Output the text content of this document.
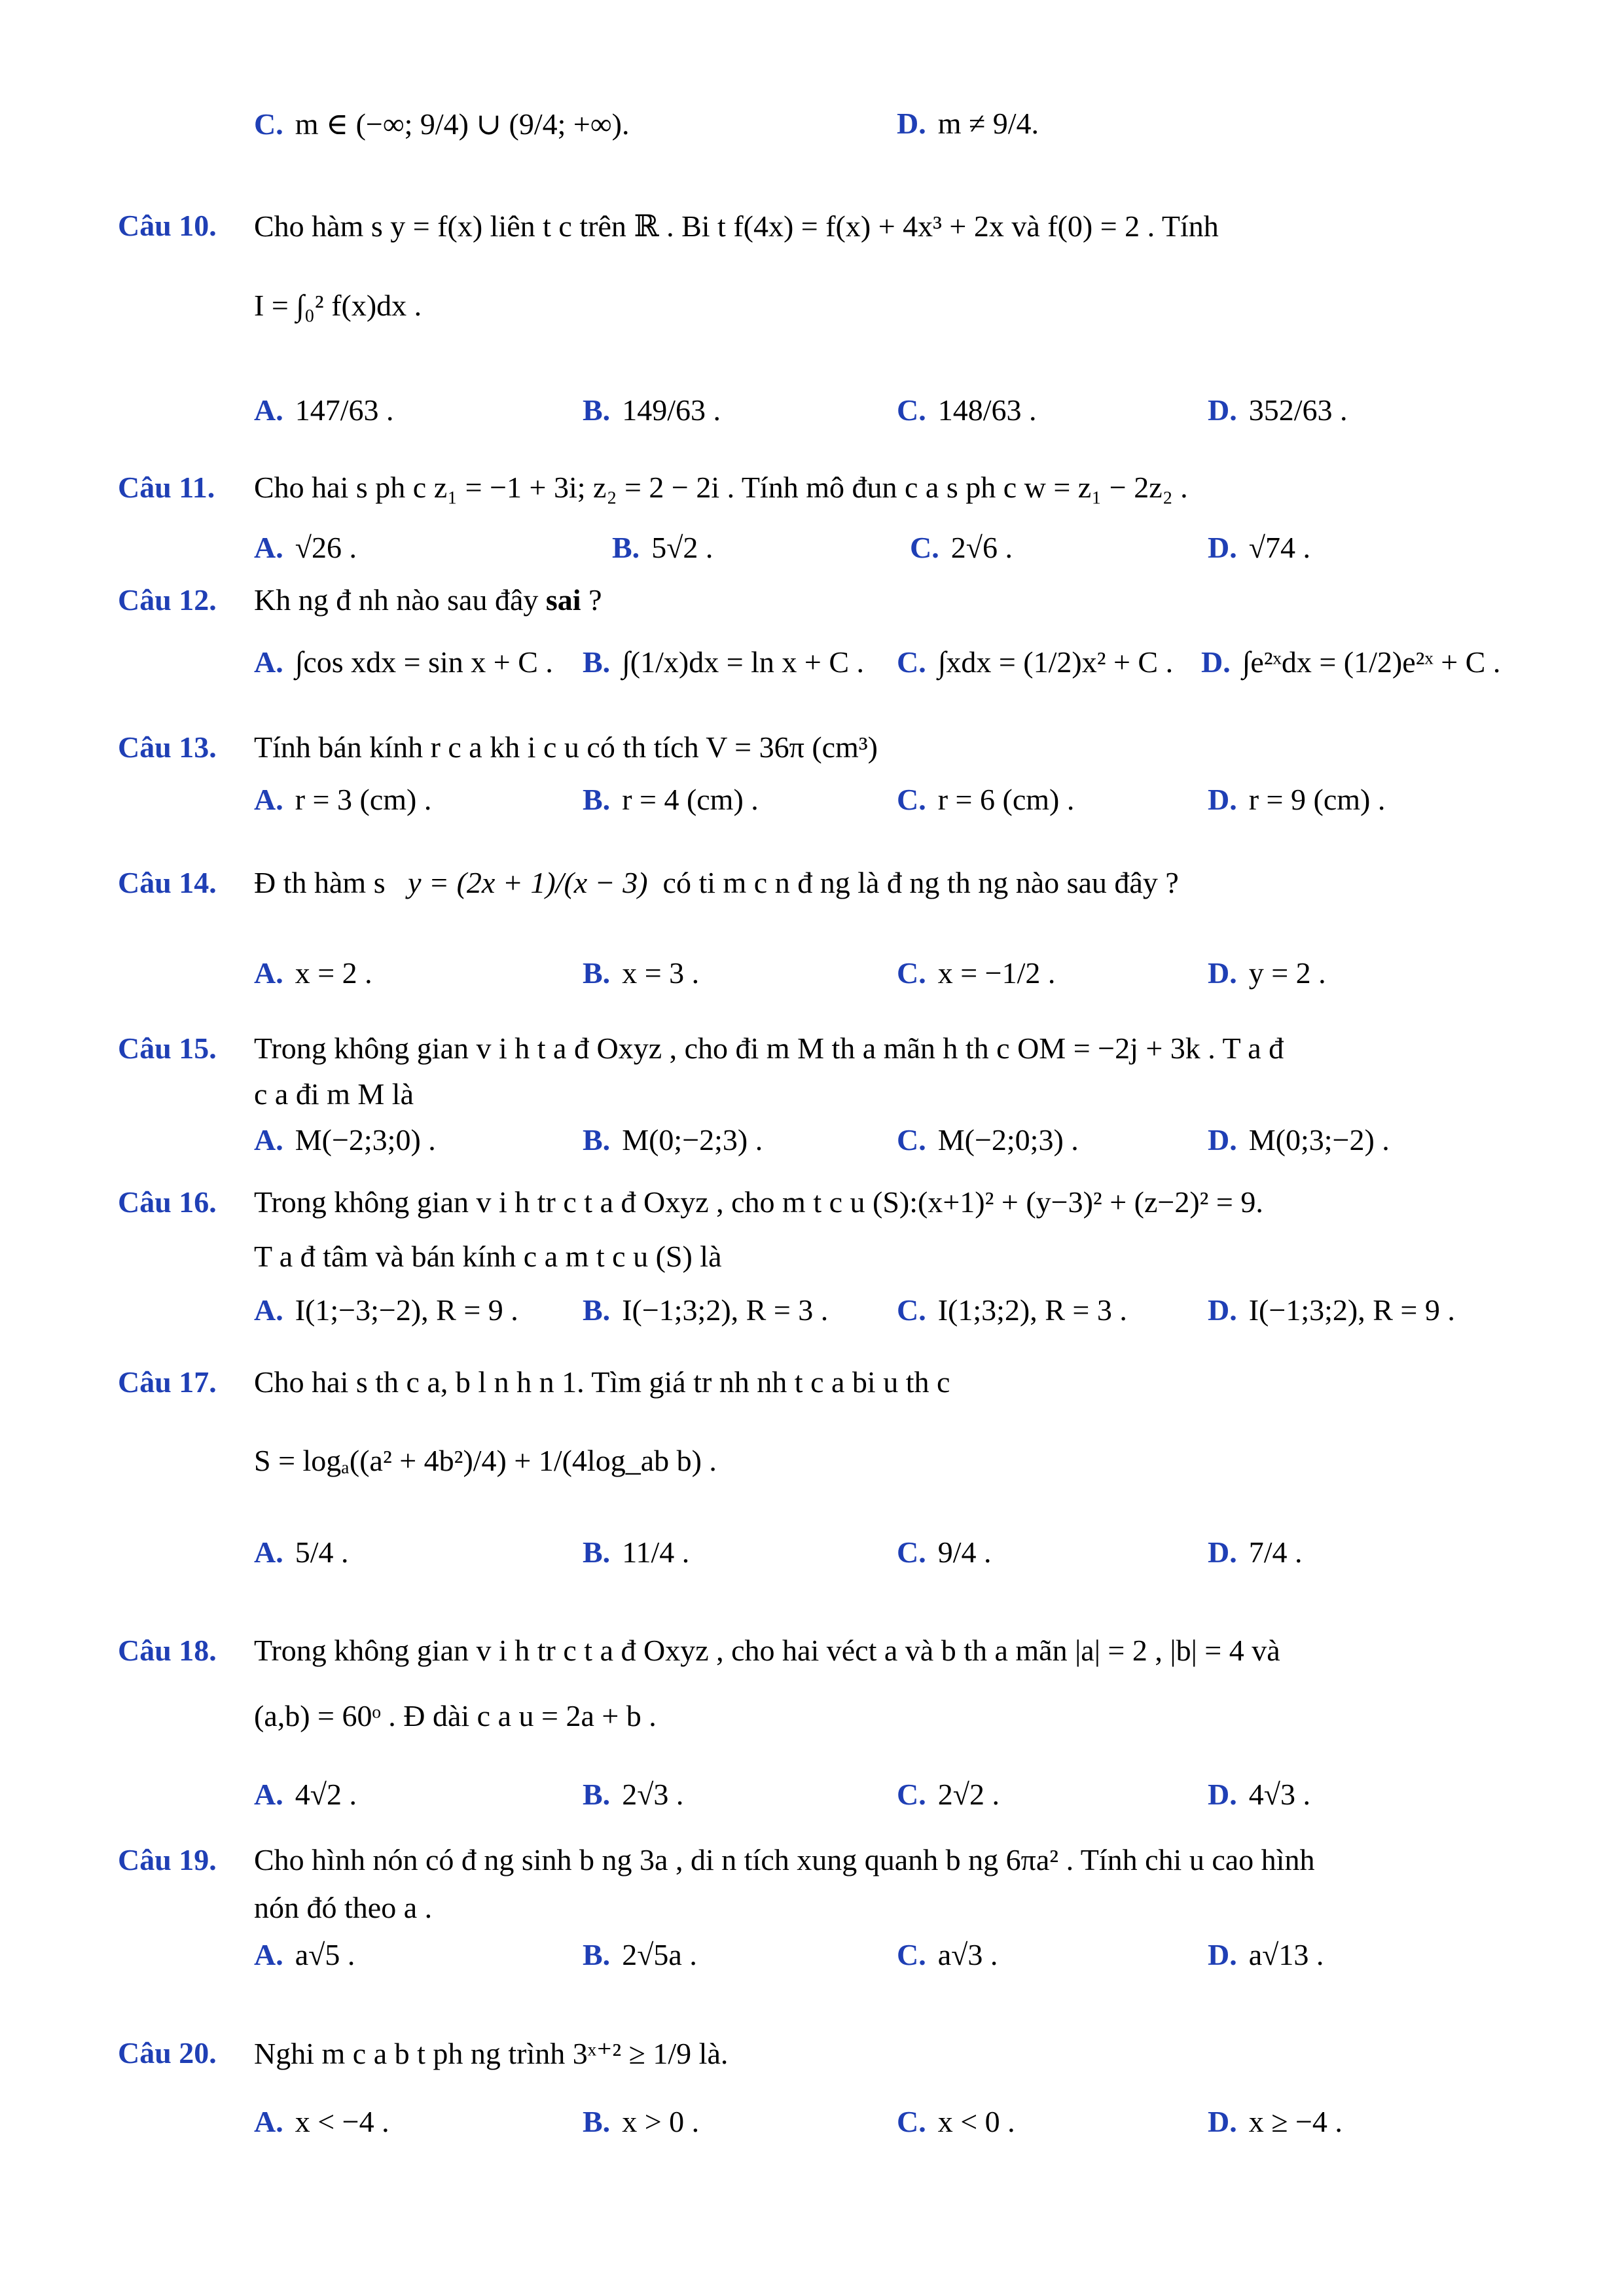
C. m ∈ (−∞; 9/4) ∪ (9/4; +∞).	D. m ≠ 9/4.
Câu 10. Cho hàm s y = f(x) liên t c trên ℝ . Bi t f(4x) = f(x) + 4x³ + 2x và f(0) = 2 . Tính
I = ∫₀² f(x)dx .
A. 147/63 .	B. 149/63 .	C. 148/63 .	D. 352/63 .
Câu 11. Cho hai s ph c z₁ = −1 + 3i; z₂ = 2 − 2i . Tính mô đun c a s ph c w = z₁ − 2z₂ .
A. √26 .	B. 5√2 .	C. 2√6 .	D. √74 .
Câu 12. Kh ng đ nh nào sau đây sai ?
A. ∫cos xdx = sin x + C . B. ∫(1/x)dx = ln x + C . C. ∫xdx = (1/2)x² + C . D. ∫e²ˣdx = (1/2)e²ˣ + C .
Câu 13. Tính bán kính r c a kh i c u có th tích V = 36π (cm³)
A. r = 3 (cm) .	B. r = 4 (cm) .	C. r = 6 (cm) .	D. r = 9 (cm) .
Câu 14. Đ th hàm s y = (2x + 1)/(x − 3) có ti m c n đ ng là đ ng th ng nào sau đây ?
A. x = 2 .	B. x = 3 .	C. x = −1/2 .	D. y = 2 .
Câu 15. Trong không gian v i h t a đ Oxyz , cho đi m M th a mãn h th c OM = −2j + 3k . T a đ
c a đi m M là
A. M(−2;3;0) .	B. M(0;−2;3) .	C. M(−2;0;3) .	D. M(0;3;−2) .
Câu 16. Trong không gian v i h tr c t a đ Oxyz , cho m t c u (S):(x+1)² + (y−3)² + (z−2)² = 9.
T a đ tâm và bán kính c a m t c u (S) là
A. I(1;−3;−2), R = 9 . B. I(−1;3;2), R = 3 . C. I(1;3;2), R = 3 .	D. I(−1;3;2), R = 9 .
Câu 17. Cho hai s th c a, b l n h n 1. Tìm giá tr nh nh t c a bi u th c
S = logₐ((a² + 4b²)/4) + 1/(4log_ab b) .
A. 5/4 .	B. 11/4 .	C. 9/4 .	D. 7/4 .
Câu 18. Trong không gian v i h tr c t a đ Oxyz , cho hai véct a và b th a mãn |a| = 2 , |b| = 4 và
(a,b) = 60ᵒ . Đ dài c a u = 2a + b .
A. 4√2 .	B. 2√3 .	C. 2√2 .	D. 4√3 .
Câu 19. Cho hình nón có đ ng sinh b ng 3a , di n tích xung quanh b ng 6πa² . Tính chi u cao hình
nón đó theo a .
A. a√5 .	B. 2√5a .	C. a√3 .	D. a√13 .
Câu 20. Nghi m c a b t ph ng trình 3ˣ⁺² ≥ 1/9 là.
A. x < −4 .	B. x > 0 .	C. x < 0 .	D. x ≥ −4 .
